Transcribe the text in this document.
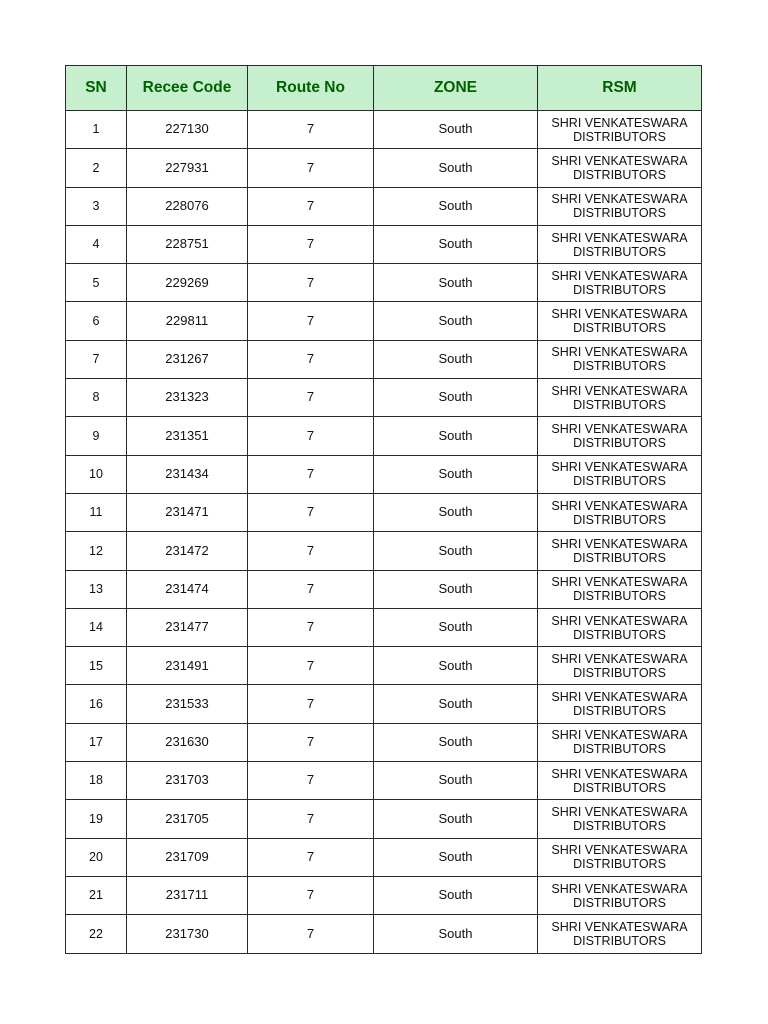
SN	Recee Code	Route No	ZONE	RSM
1	227130	7	South	SHRI VENKATESWARA
DISTRIBUTORS

2	227931	7	South	SHRI VENKATESWARA
DISTRIBUTORS

3	228076	7	South	SHRI VENKATESWARA
DISTRIBUTORS

4	228751	7	South	SHRI VENKATESWARA
DISTRIBUTORS

5	229269	7	South	SHRI VENKATESWARA
DISTRIBUTORS

6	229811	7	South	SHRI VENKATESWARA
DISTRIBUTORS

7	231267	7	South	SHRI VENKATESWARA
DISTRIBUTORS

8	231323	7	South	SHRI VENKATESWARA
DISTRIBUTORS

9	231351	7	South	SHRI VENKATESWARA
DISTRIBUTORS

10	231434	7	South	SHRI VENKATESWARA
DISTRIBUTORS

11	231471	7	South	SHRI VENKATESWARA
DISTRIBUTORS

12	231472	7	South	SHRI VENKATESWARA
DISTRIBUTORS

13	231474	7	South	SHRI VENKATESWARA
DISTRIBUTORS

14	231477	7	South	SHRI VENKATESWARA
DISTRIBUTORS

15	231491	7	South	SHRI VENKATESWARA
DISTRIBUTORS

16	231533	7	South	SHRI VENKATESWARA
DISTRIBUTORS

17	231630	7	South	SHRI VENKATESWARA
DISTRIBUTORS

18	231703	7	South	SHRI VENKATESWARA
DISTRIBUTORS

19	231705	7	South	SHRI VENKATESWARA
DISTRIBUTORS

20	231709	7	South	SHRI VENKATESWARA
DISTRIBUTORS

21	231711	7	South	SHRI VENKATESWARA
DISTRIBUTORS

22	231730	7	South	SHRI VENKATESWARA
DISTRIBUTORS
